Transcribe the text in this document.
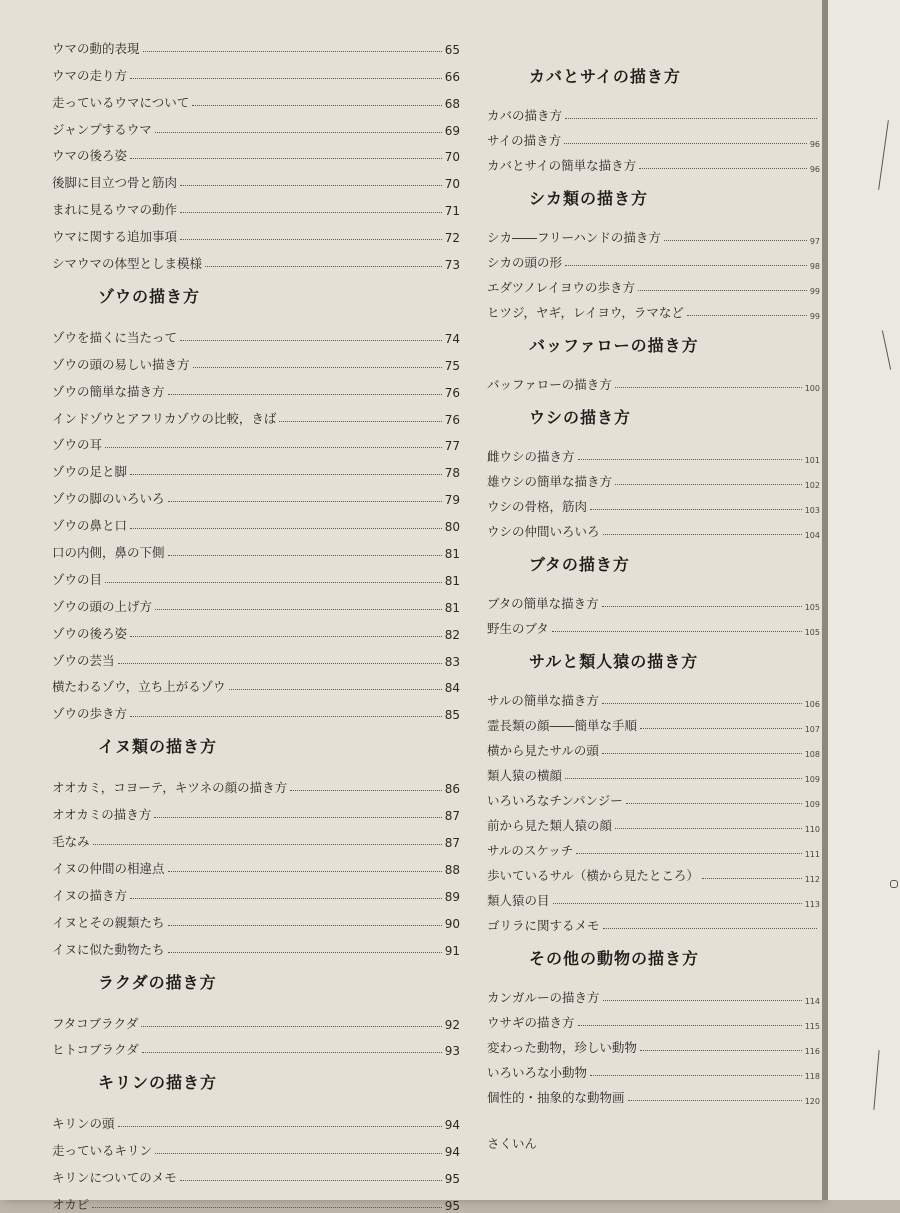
ウマの動的表現	65
ウマの走り方	66
走っているウマについて	68
ジャンプするウマ	69
ウマの後ろ姿	70
後脚に目立つ骨と筋肉	70
まれに見るウマの動作	71
ウマに関する追加事項	72
シマウマの体型としま模様	73
ゾウの描き方
ゾウを描くに当たって	74
ゾウの頭の易しい描き方	75
ゾウの簡単な描き方	76
インドゾウとアフリカゾウの比較，きば	76
ゾウの耳	77
ゾウの足と脚	78
ゾウの脚のいろいろ	79
ゾウの鼻と口	80
口の内側，鼻の下側	81
ゾウの目	81
ゾウの頭の上げ方	81
ゾウの後ろ姿	82
ゾウの芸当	83
横たわるゾウ，立ち上がるゾウ	84
ゾウの歩き方	85
イヌ類の描き方
オオカミ，コヨーテ，キツネの顔の描き方	86
オオカミの描き方	87
毛なみ	87
イヌの仲間の相違点	88
イヌの描き方	89
イヌとその親類たち	90
イヌに似た動物たち	91
ラクダの描き方
フタコブラクダ	92
ヒトコブラクダ	93
キリンの描き方
キリンの頭	94
走っているキリン	94
キリンについてのメモ	95
オカピ	95
カバとサイの描き方
カバの描き方
サイの描き方	96
カバとサイの簡単な描き方	96
シカ類の描き方
シカ――フリーハンドの描き方	97
シカの頭の形	98
エダツノレイヨウの歩き方	99
ヒツジ，ヤギ，レイヨウ，ラマなど	99
バッファローの描き方
バッファローの描き方	100
ウシの描き方
雌ウシの描き方	101
雄ウシの簡単な描き方	102
ウシの骨格，筋肉	103
ウシの仲間いろいろ	104
ブタの描き方
ブタの簡単な描き方	105
野生のブタ	105
サルと類人猿の描き方
サルの簡単な描き方	106
霊長類の顔――簡単な手順	107
横から見たサルの頭	108
類人猿の横顔	109
いろいろなチンパンジー	109
前から見た類人猿の顔	110
サルのスケッチ	111
歩いているサル（横から見たところ）	112
類人猿の目	113
ゴリラに関するメモ
その他の動物の描き方
カンガルーの描き方	114
ウサギの描き方	115
変わった動物，珍しい動物	116
いろいろな小動物	118
個性的・抽象的な動物画	120
さくいん
